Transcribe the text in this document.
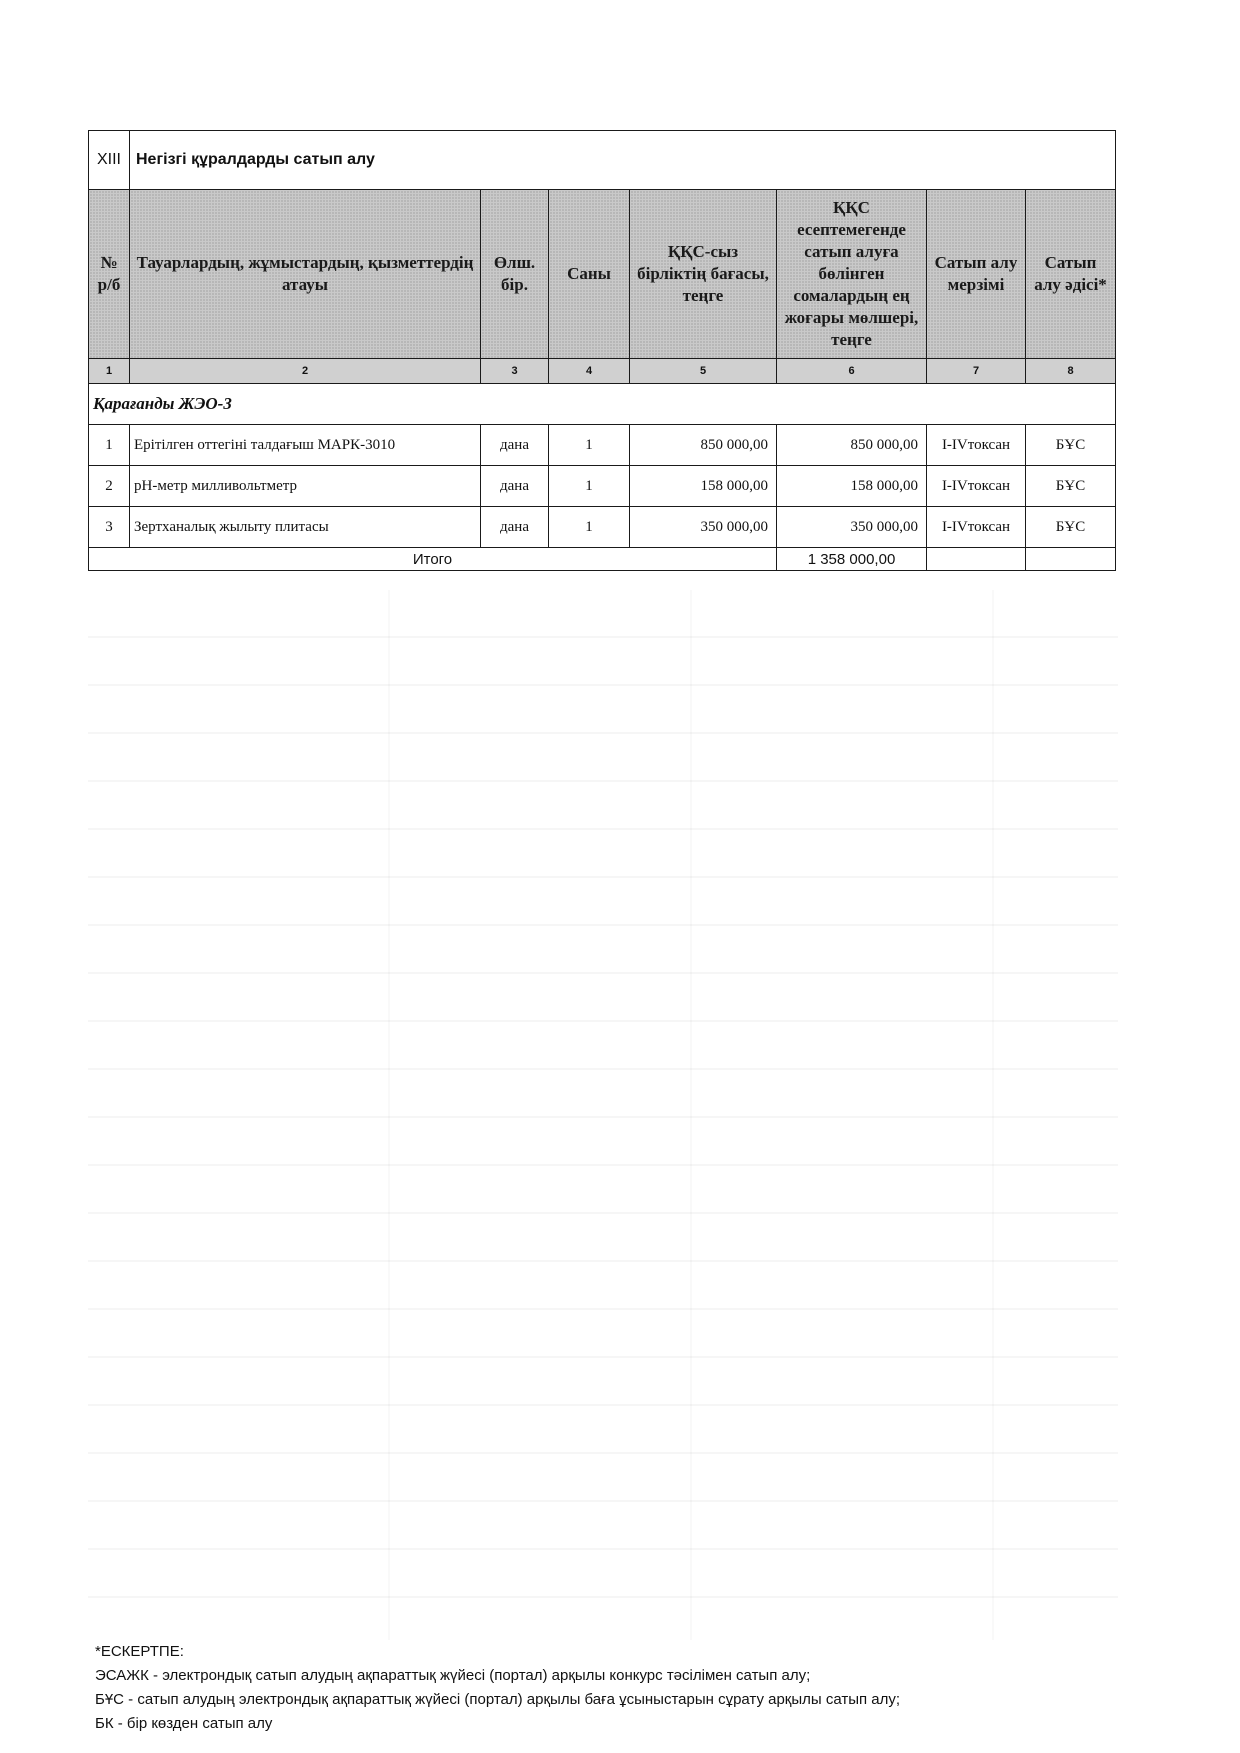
XIII	Негізгі құралдарды сатып алу						
№ р/б	Тауарлардың, жұмыстардың, қызметтердің атауы	Өлш. бір.	Саны	ҚҚС-сыз бірліктің бағасы, теңге	ҚҚС есептемегенде сатып алуға бөлінген сомалардың ең жоғары мөлшері, теңге	Сатып алу мерзімі	Сатып алу әдісі*
1	2	3	4	5	6	7	8
Қарағанды ЖЭО-3							
1	Ерітілген оттегіні талдағыш МАРК-3010	дана	1	850 000,00	850 000,00	I-IVтоксан	БҰС
2	pH-метр милливольтметр	дана	1	158 000,00	158 000,00	I-IVтоксан	БҰС
3	Зертханалық жылыту плитасы	дана	1	350 000,00	350 000,00	I-IVтоксан	БҰС
Итого					1 358 000,00		
*ЕСКЕРТПЕ:
ЭСАЖК - электрондық сатып алудың ақпараттық жүйесі (портал) арқылы конкурс тәсілімен сатып алу;
БҰС - сатып алудың электрондық ақпараттық жүйесі (портал) арқылы баға ұсыныстарын сұрату арқылы сатып алу;
БК - бір көзден сатып алу
